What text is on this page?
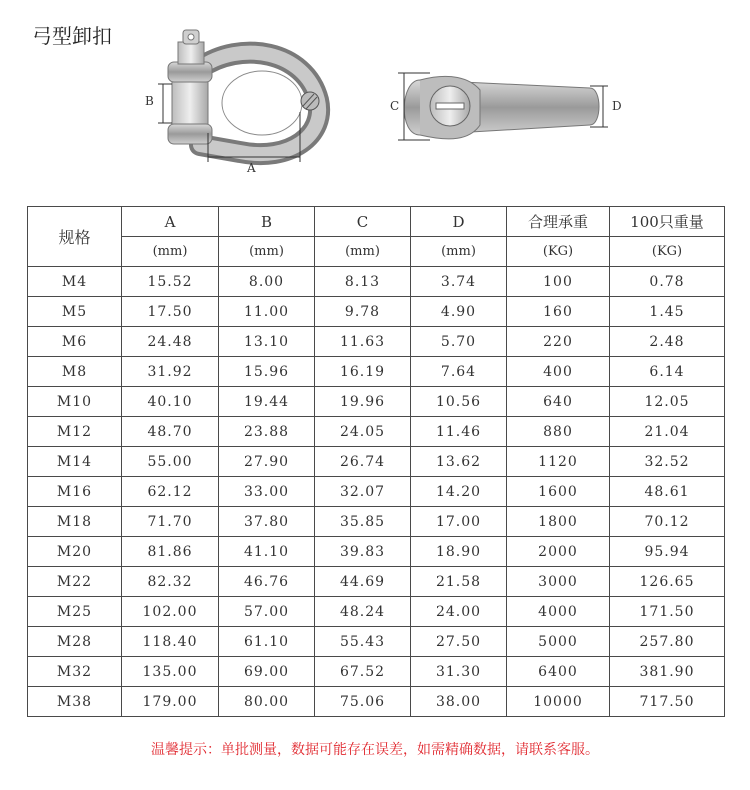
弓型卸扣
B
A
C	D
规格	A	B	C	D	合理承重	100只重量
	(mm)	(mm)	(mm)	(mm)	(KG)	(KG)
M4	15.52	8.00	8.13	3.74	100	0.78
M5	17.50	11.00	9.78	4.90	160	1.45
M6	24.48	13.10	11.63	5.70	220	2.48
M8	31.92	15.96	16.19	7.64	400	6.14
M10	40.10	19.44	19.96	10.56	640	12.05
M12	48.70	23.88	24.05	11.46	880	21.04
M14	55.00	27.90	26.74	13.62	1120	32.52
M16	62.12	33.00	32.07	14.20	1600	48.61
M18	71.70	37.80	35.85	17.00	1800	70.12
M20	81.86	41.10	39.83	18.90	2000	95.94
M22	82.32	46.76	44.69	21.58	3000	126.65
M25	102.00	57.00	48.24	24.00	4000	171.50
M28	118.40	61.10	55.43	27.50	5000	257.80
M32	135.00	69.00	67.52	31.30	6400	381.90
M38	179.00	80.00	75.06	38.00	10000	717.50
温馨提示：单批测量，数据可能存在误差，如需精确数据，请联系客服。
